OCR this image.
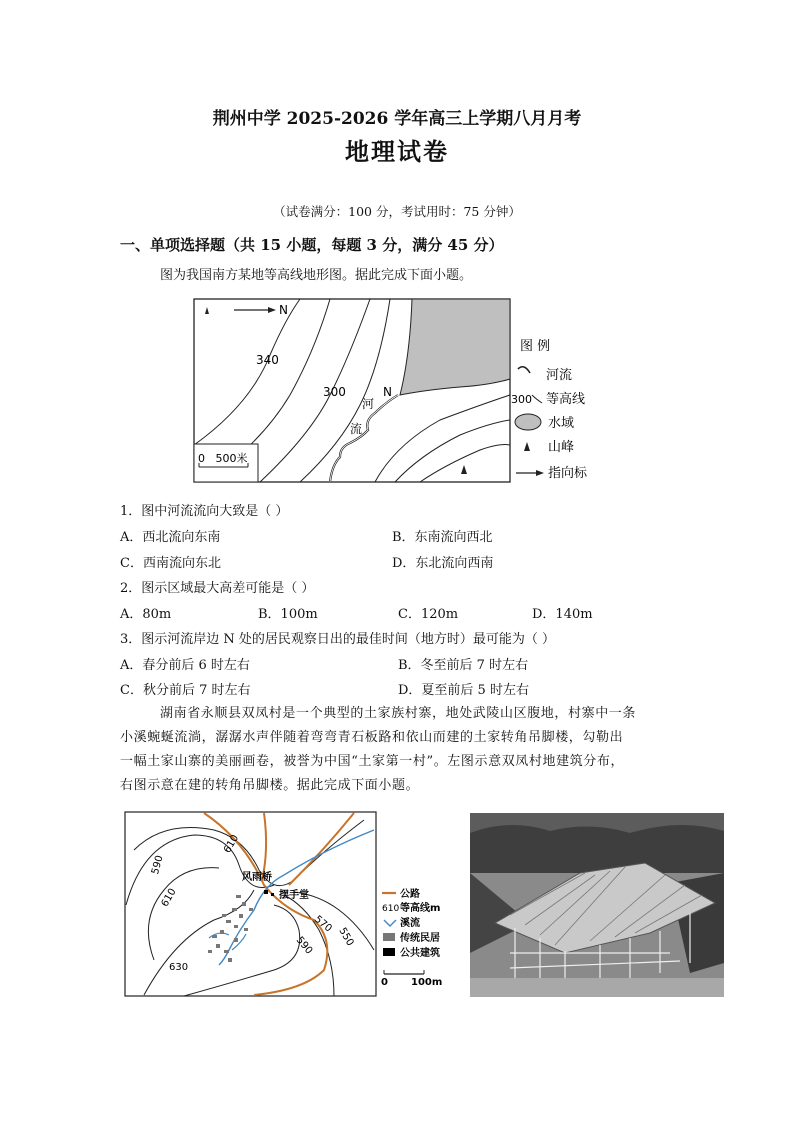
荆州中学 2025-2026 学年高三上学期八月月考
地理试卷
（试卷满分：100 分，考试用时：75 分钟）
一、单项选择题（共 15 小题，每题 3 分，满分 45 分）
图为我国南方某地等高线地形图。据此完成下面小题。
340
300	N
河
流
N
0   500米
图 例
河流
300 等高线
水域
山峰
指向标
1．图中河流流向大致是（ ）
A．西北流向东南	B．东南流向西北
C．西南流向东北	D．东北流向西南
2．图示区域最大高差可能是（ ）
A．80m	B．100m	C．120m	D．140m
3．图示河流岸边 N 处的居民观察日出的最佳时间（地方时）最可能为（ ）
A．春分前后 6 时左右	B．冬至前后 7 时左右
C．秋分前后 7 时左右	D．夏至前后 5 时左右
湖南省永顺县双凤村是一个典型的土家族村寨，地处武陵山区腹地，村寨中一条
小溪蜿蜒流淌，潺潺水声伴随着弯弯青石板路和依山而建的土家转角吊脚楼，勾勒出
一幅土家山寨的美丽画卷，被誉为中国“土家第一村”。左图示意双凤村地建筑分布，
右图示意在建的转角吊脚楼。据此完成下面小题。
风雨桥
摆手堂
610
590
610
630
590
570
550
公路
610 等高线m
溪流
传统民居
公共建筑
0 100m
